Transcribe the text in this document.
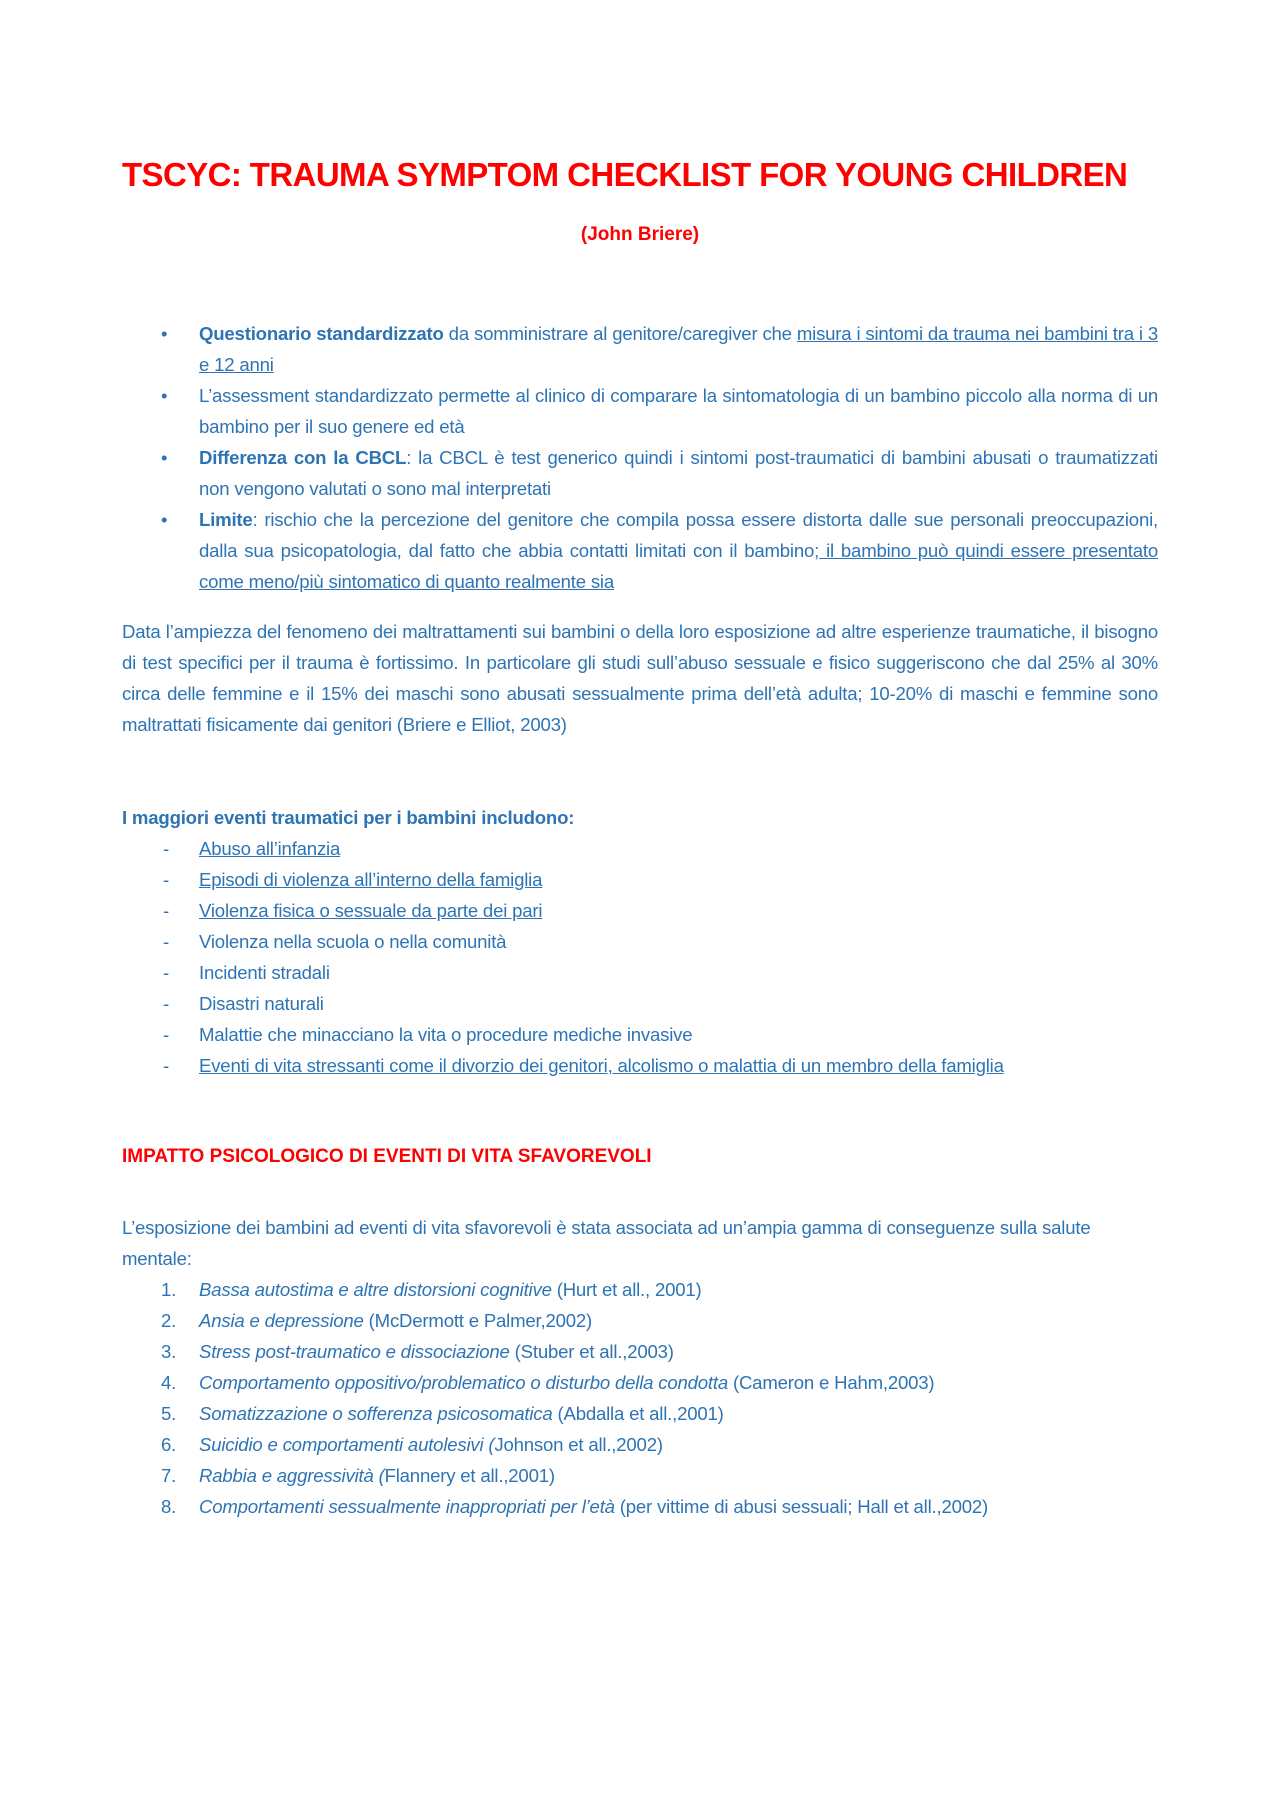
TSCYC: TRAUMA SYMPTOM CHECKLIST FOR YOUNG CHILDREN
(John Briere)
• Questionario standardizzato da somministrare al genitore/caregiver che misura i sintomi da trauma nei bambini tra i 3 e 12 anni
• L’assessment standardizzato permette al clinico di comparare la sintomatologia di un bambino piccolo alla norma di un bambino per il suo genere ed età
• Differenza con la CBCL: la CBCL è test generico quindi i sintomi post-traumatici di bambini abusati o traumatizzati non vengono valutati o sono mal interpretati
• Limite: rischio che la percezione del genitore che compila possa essere distorta dalle sue personali preoccupazioni, dalla sua psicopatologia, dal fatto che abbia contatti limitati con il bambino; il bambino può quindi essere presentato come meno/più sintomatico di quanto realmente sia

Data l’ampiezza del fenomeno dei maltrattamenti sui bambini o della loro esposizione ad altre esperienze traumatiche, il bisogno di test specifici per il trauma è fortissimo. In particolare gli studi sull’abuso sessuale e fisico suggeriscono che dal 25% al 30% circa delle femmine e il 15% dei maschi sono abusati sessualmente prima dell’età adulta; 10-20% di maschi e femmine sono maltrattati fisicamente dai genitori (Briere e Elliot, 2003)

I maggiori eventi traumatici per i bambini includono:

- Abuso all’infanzia
- Episodi di violenza all’interno della famiglia
- Violenza fisica o sessuale da parte dei pari
- Violenza nella scuola o nella comunità
- Incidenti stradali
- Disastri naturali
- Malattie che minacciano la vita o procedure mediche invasive
- Eventi di vita stressanti come il divorzio dei genitori, alcolismo o malattia di un membro della famiglia
IMPATTO PSICOLOGICO DI EVENTI DI VITA SFAVOREVOLI

L’esposizione dei bambini ad eventi di vita sfavorevoli è stata associata ad un’ampia gamma di conseguenze sulla salute mentale:

1. Bassa autostima e altre distorsioni cognitive (Hurt et all., 2001)
2. Ansia e depressione (McDermott e Palmer,2002)
3. Stress post-traumatico e dissociazione (Stuber et all.,2003)
4. Comportamento oppositivo/problematico o disturbo della condotta (Cameron e Hahm,2003)
5. Somatizzazione o sofferenza psicosomatica (Abdalla et all.,2001)
6. Suicidio e comportamenti autolesivi (Johnson et all.,2002)
7. Rabbia e aggressività (Flannery et all.,2001)
8. Comportamenti sessualmente inappropriati per l’età (per vittime di abusi sessuali; Hall et all.,2002)
